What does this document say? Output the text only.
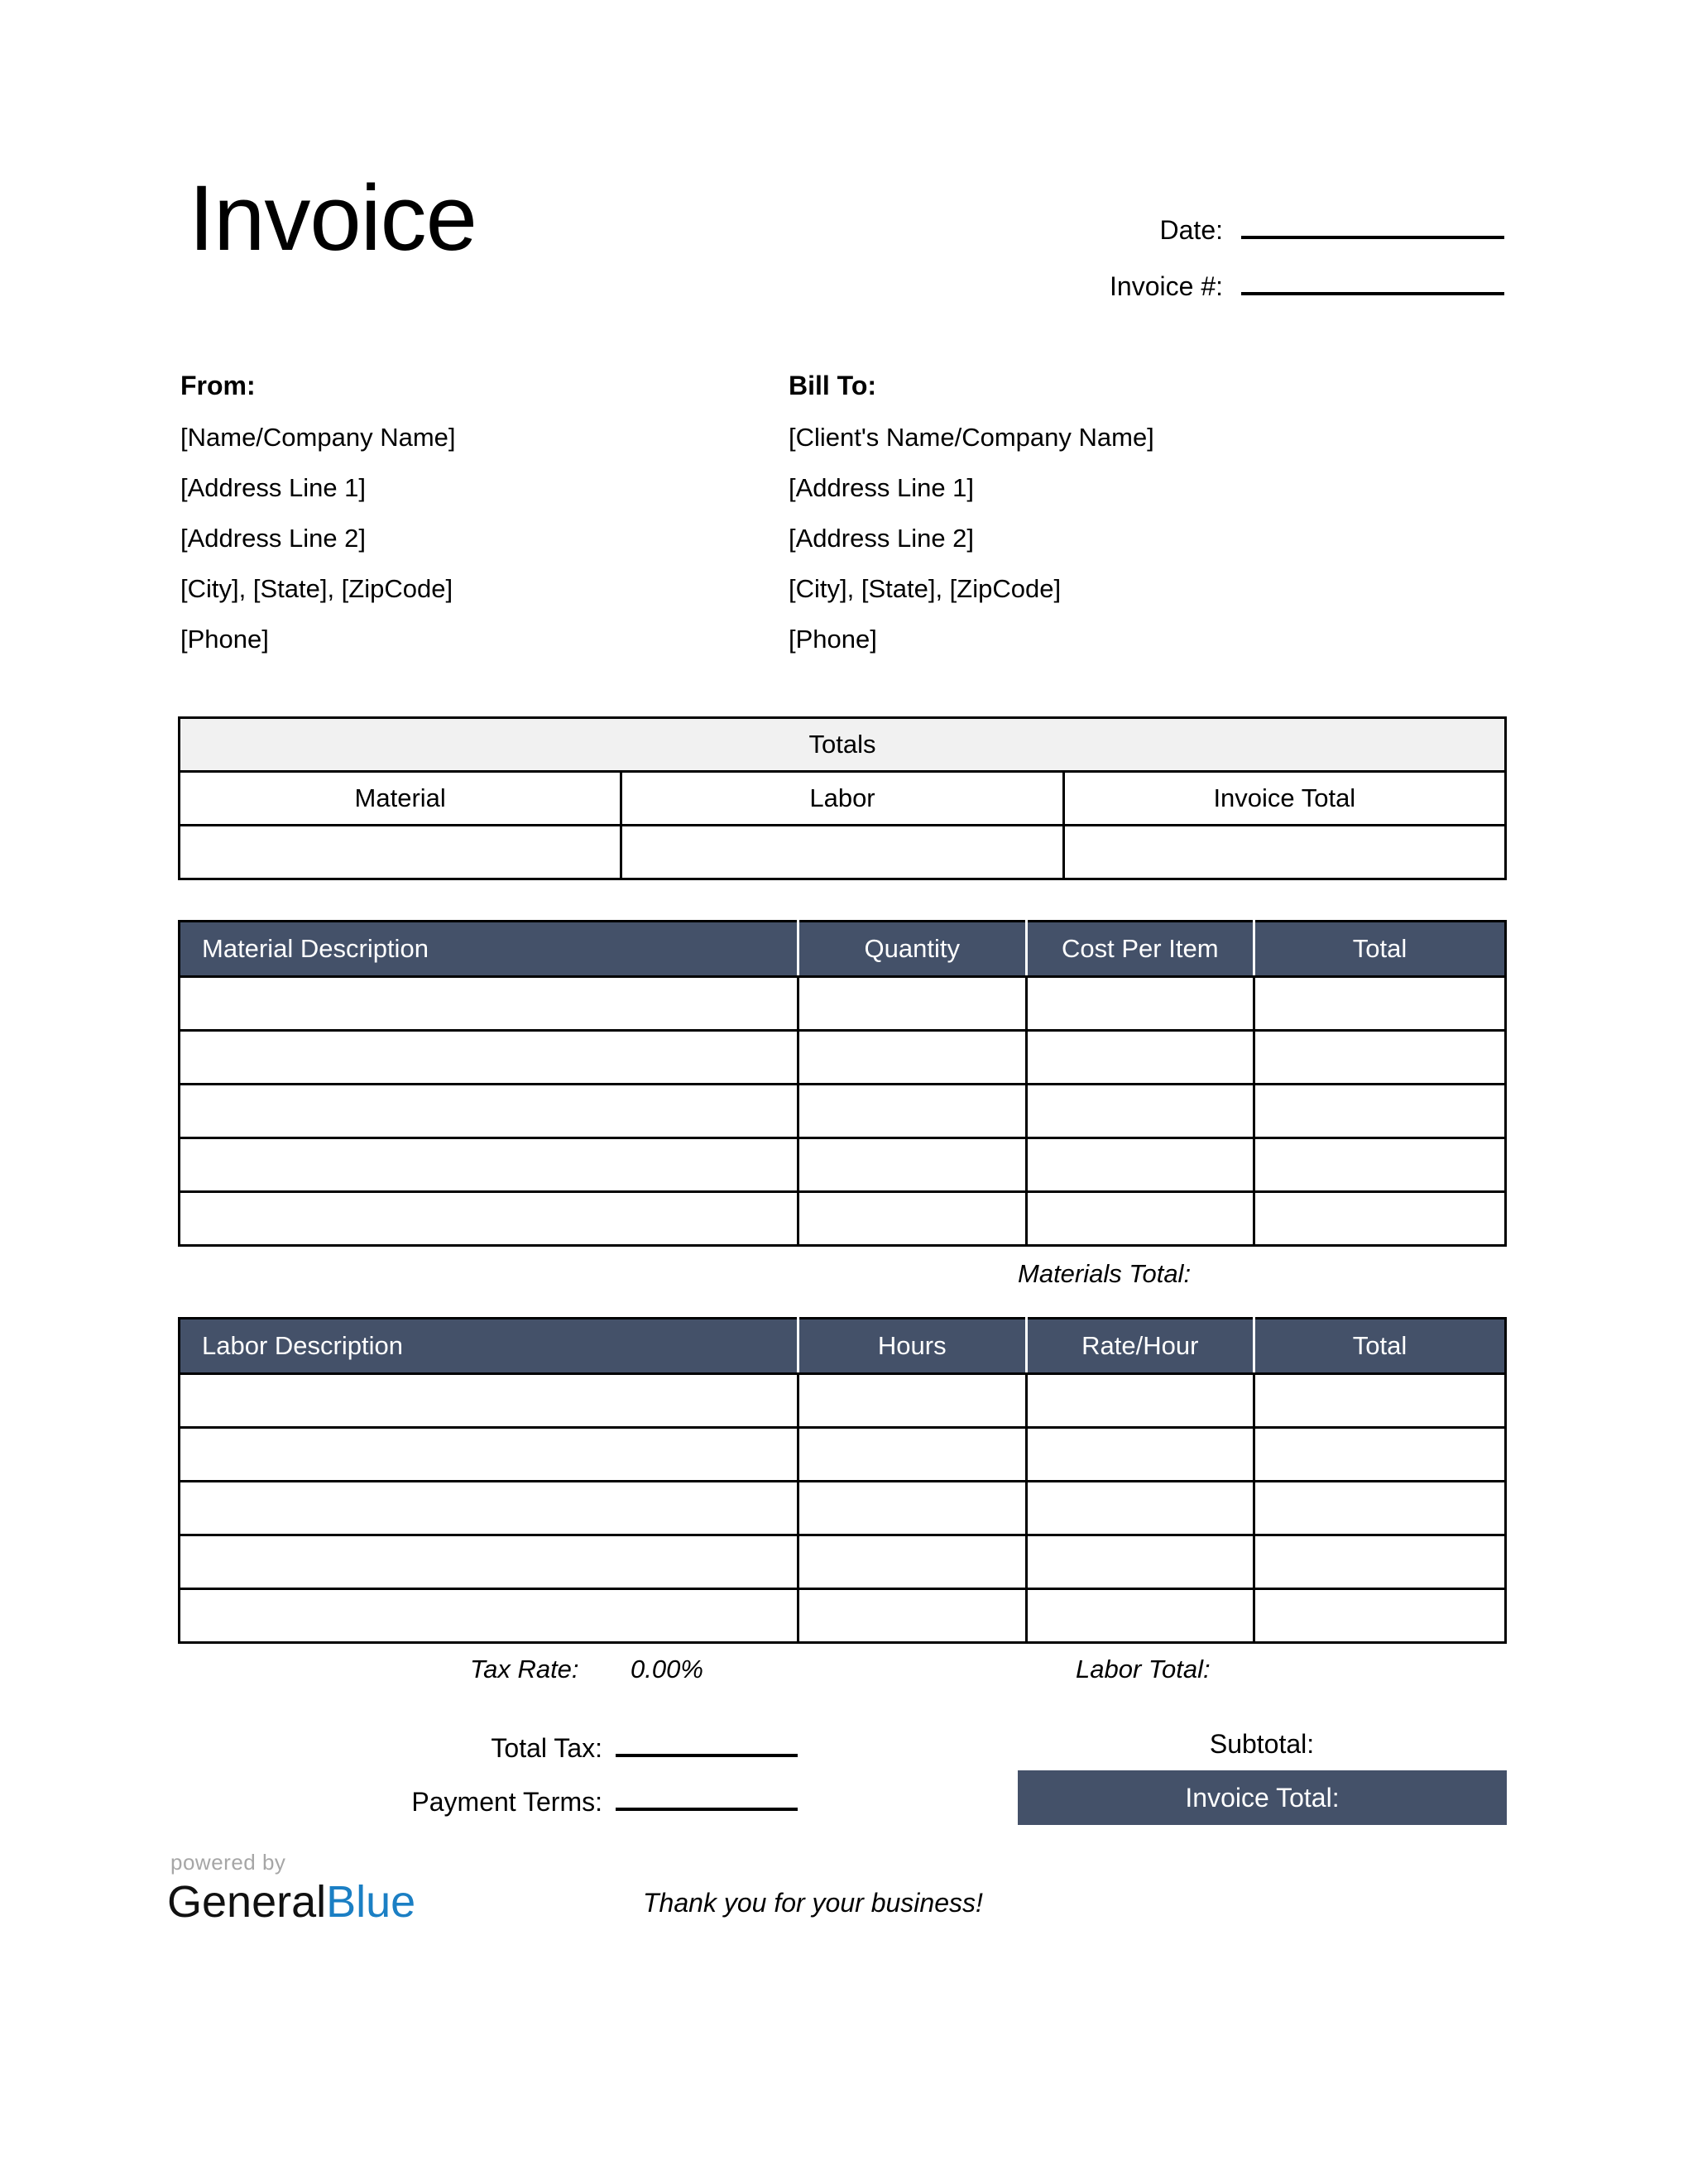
Invoice	Date:
Invoice #:
From:
[Name/Company Name]
[Address Line 1]
[Address Line 2]
[City], [State], [ZipCode]
[Phone]
Bill To:
[Client's Name/Company Name]
[Address Line 1]
[Address Line 2]
[City], [State], [ZipCode]
[Phone]
Totals		
Material	Labor	Invoice Total

Material Description	Quantity	Cost Per Item	Total

Materials Total:
Labor Description	Hours	Rate/Hour	Total

Tax Rate: 0.00%	Labor Total:
Total Tax:
Payment Terms:
Subtotal:
Invoice Total:
powered by
GeneralBlue	Thank you for your business!
